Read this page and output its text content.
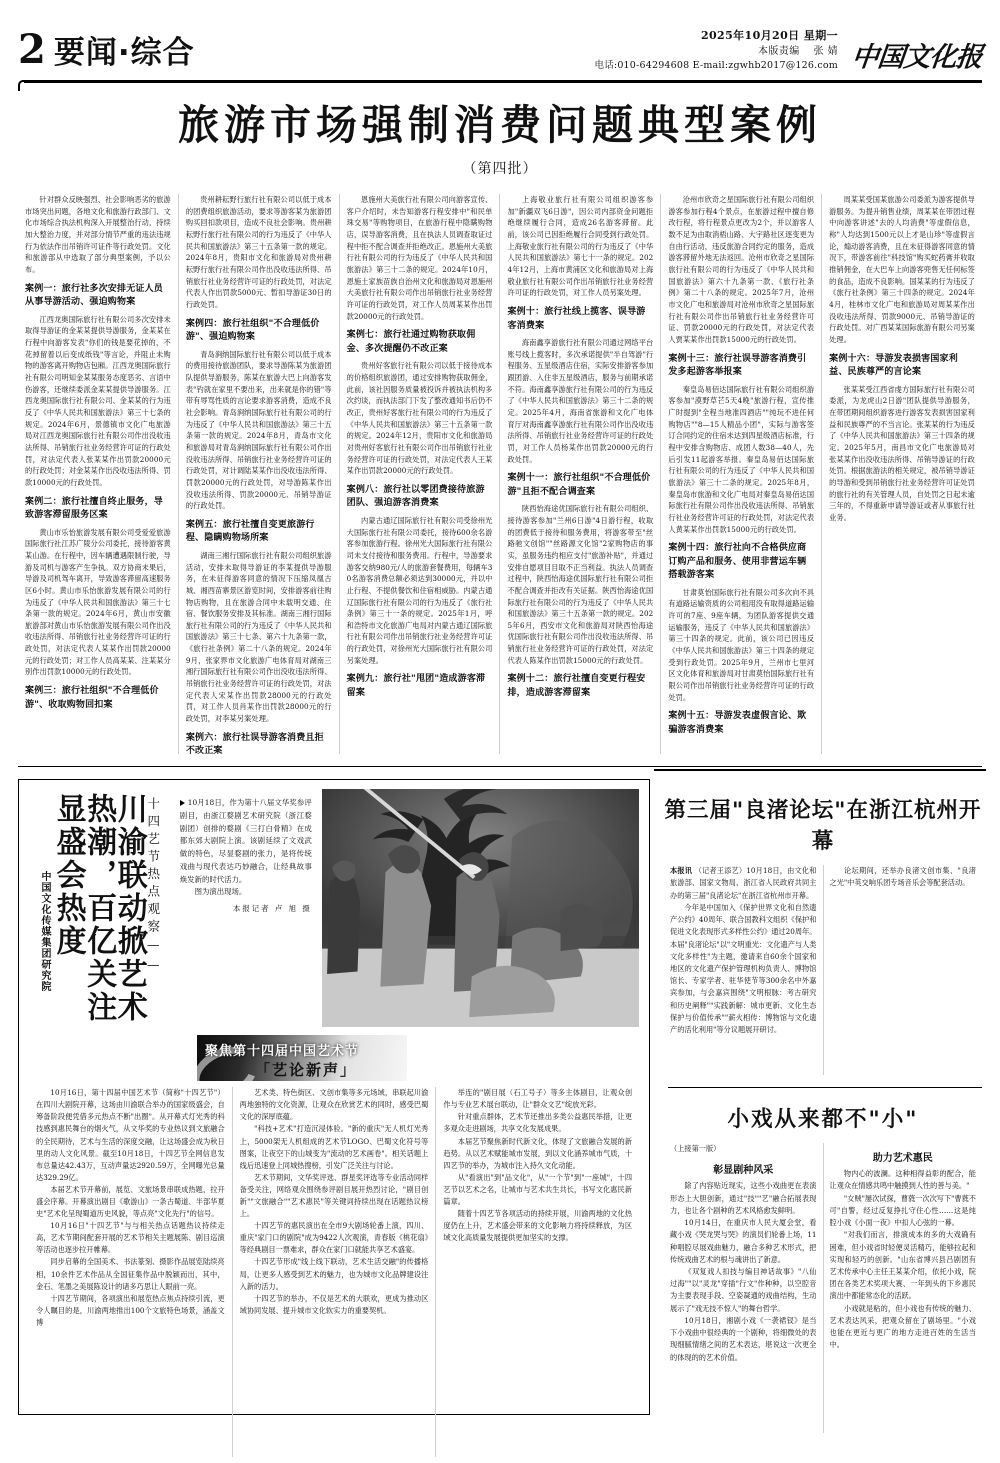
2 要闻·综合	2025年10月20日 星期一
本版责编 张 婧
电话:010-64294608 E-mail:zgwhb2017@126.com 中国文化报
旅游市场强制消费问题典型案例
（第四批）

针对群众反映强烈、社会影响恶劣的旅游市场突出问题，各地文化和旅游行政部门、文化市场综合执法机构深入开展整治行动，持续加大整治力度，并对部分情节严重的违法违规行为依法作出吊销许可证件等行政处罚。文化和旅游部从中选取了部分典型案例，予以公布。

案例一：旅行社多次安排无证人员从事导游活动、强迫购物案

江西龙奥国际旅行社有限公司多次安排未取得导游证的金某某提供导游服务，金某某在行程中向游客发表"你们的钱是要花掉的，不花掉留着以后变成纸钱"等言论，并阻止未购物的游客离开购物店包厢。江西龙奥国际旅行社有限公司明知金某某服务态度恶劣、言语中伤游客，还继续委派金某某提供导游服务。江西龙奥国际旅行社有限公司、金某某的行为违反了《中华人民共和国旅游法》第三十七条的规定。2024年6月，景德镇市文化广电旅游局对江西龙奥国际旅行社有限公司作出没收违法所得、吊销旅行社业务经营许可证的行政处罚，对法定代表人张某某作出罚款20000元的行政处罚；对金某某作出没收违法所得、罚款10000元的行政处罚。

案例二：旅行社擅自终止服务，导致游客滞留服务区案

黄山市乐怡旅游发展有限公司受爱爱旅游国际旅行社江苏广陵分公司委托，接待游客黄某山游。在行程中，因车辆遭遇限制行驶，导游及司机与游客产生争执。双方协商未果后，导游及司机驾车离开，导致游客滞留高速服务区6小时。黄山市乐怡旅游发展有限公司的行为违反了《中华人民共和国旅游法》第三十七条第一款的规定。2024年6月，黄山市安徽旅游部对黄山市乐怡旅游发展有限公司作出没收违法所得、吊销旅行社业务经营许可证的行政处罚，对法定代表人某某作出罚款20000元的行政处罚；对工作人员高某某、注某某分别作出罚款10000元的行政处罚。

案例三：旅行社组织"不合理低价游"、收取购物回扣案

贵州耕耘野行旅行社有限公司以低于成本的团费组织旅游活动，要求等游客某为旅游团购买回扣款项目，造成不良社会影响。贵州耕耘野行旅行社有限公司的行为违反了《中华人民共和国旅游法》第三十五条第一款的规定。2024年8月，贵阳市文化和旅游局对贵州耕耘野行旅行社有限公司作出没收违法所得、吊销旅行社业务经营许可证的行政处罚，对法定代表人作出罚款5000元、暂扣导游证30日的行政处罚。

案例四：旅行社组织"不合理低价游"、强迫购物案

青岛涧纳国际旅行社有限公司以低于成本的费用接待旅游团队，要求导游陈某为旅游团队提供导游服务，陈某在旅游大巴上向游客发表"钓就在家里不要出来，出来就是你的错"等带有辱骂性质的言论要求游客消费，造成不良社会影响。青岛涧纳国际旅行社有限公司的行为违反了《中华人民共和国旅游法》第三十五条第一款的规定。2024年8月，青岛市文化和旅游局对青岛涧纳国际旅行社有限公司作出没收违法所得、吊销旅行社业务经营许可证的行政处罚，对计调陆某某作出没收违法所得、罚款20000元的行政处罚，对导游陈某作出没收违法所得、罚款20000元、吊销导游证的行政处罚。

案例五：旅行社擅自变更旅游行程、隐瞒购物场所案

湖南三湘行国际旅行社有限公司组织旅游活动，安排未取得导游证的李某提供导游服务，在未征得游客同意的情况下压缩凤凰古城、湘西苗寨景区游览时间，安排游客前往购物店购物，且在旅游合同中未载明交通、住宿、餐饮服务安排及其标准。湖南三湘行国际旅行社有限公司的行为违反了《中华人民共和国旅游法》第三十七条、第六十九条第一款，《旅行社条例》第二十八条的规定。2024年9月，张家界市文化旅游广电体育局对湖南三湘行国际旅行社有限公司作出没收违法所得、吊销旅行社业务经营许可证的行政处罚，对法定代表人宋某作出罚款28000元的行政处罚，对工作人员肖某作出罚款28000元的行政处罚，对李某另案处理。

案例六：旅行社误导游客消费且拒不改正案

恩施州大美旅行社有限公司向游客宣传、客户介绍时，未告知游客行程安排中"和民单珠交易"等购物项目，在旅游行程中隐瞒购物店，误导游客消费，且在执法人员调查取证过程中拒不配合调查并拒绝改正。恩施州大美旅行社有限公司的行为违反了《中华人民共和国旅游法》第三十二条的规定。2024年10月，恩施土家族苗族自治州文化和旅游局对恩施州大美旅行社有限公司作出吊销旅行社业务经营许可证的行政处罚，对工作人员周某某作出罚款20000元的行政处罚。

案例七：旅行社通过购物获取佣金、多次提醒仍不改正案

贵州好客旅行社有限公司以低于接待成本的价格组织旅游团，通过安排购物获取佣金，此前，该社因服务质量被投诉并被执法机构多次约谈，而执法部门下发了整改通知书后仍不改正，贵州好客旅行社有限公司的行为违反了《中华人民共和国旅游法》第三十五条第一款的规定。2024年12月，贵阳市文化和旅游局对贵州好客旅行社有限公司作出吊销旅行社业务经营许可证的行政处罚，对法定代表人王某某作出罚款20000元的行政处罚。

案例八：旅行社以零团费接待旅游团队、强迫游客消费案

内蒙古通辽国际旅行社有限公司受徐州光大国际旅行社有限公司委托，接待600余名游客参加旅游行程。徐州光大国际旅行社有限公司未支付接待和服务费用。行程中，导游要求游客交纳980元/人的旅游套餐费用，每辆车30名游客消费总额必须达到30000元，并以中止行程、不提供餐饮和住宿相威胁。内蒙古通辽国际旅行社有限公司的行为违反了《旅行社条例》第三十一条的规定。2025年1月，呼和浩特市文化旅游广电局对内蒙古通辽国际旅行社有限公司作出吊销旅行社业务经营许可证的行政处罚，对徐州光大国际旅行社有限公司另案处理。

案例九：旅行社"甩团"造成游客滞留案

上海敬业旅行社有限公司组织游客参加"新疆双飞6日游"，因公司内部资金问题拒绝继续履行合同，造成26名游客滞留。此前，该公司已因拒绝履行合同受到行政处罚。上海敬业旅行社有限公司的行为违反了《中华人民共和国旅游法》第七十一条的规定。2024年12月，上海市黄浦区文化和旅游局对上海敬业旅行社有限公司作出吊销旅行社业务经营许可证的行政处罚，对工作人员另案处理。

案例十：旅行社线上揽客、误导游客消费案

海南鑫享游旅行社有限公司通过网络平台账号线上揽客时，多次承诺提供"半自驾游"行程服务、五星级酒店住宿，实际安排游客参加跟团游、入住非五星级酒店，服务与前期承诺不符。海南鑫享游旅行社有限公司的行为违反了《中华人民共和国旅游法》第三十二条的规定。2025年4月，海南省旅游和文化广电体育厅对海南鑫享游旅行社有限公司作出没收违法所得、吊销旅行社业务经营许可证的行政处罚，对工作人员杨某作出罚款20000元的行政处罚。

案例十一：旅行社组织"不合理低价游"且拒不配合调查案

陕西怡海途优国际旅行社有限公司组织、接待游客参加"兰州6日游"4日游行程，收取的团费低于接待和服务费用，将游客带至"丝路驰文创馆""丝路源文化馆"2家购物店的事实，虽服务违约相应支付"旅游补贴"，并通过安排自愿项目目取不正当利益。执法人员调查过程中，陕西怡海途优国际旅行社有限公司拒不配合调查并拒改有关证据。陕西怡海途优国际旅行社有限公司的行为违反了《中华人民共和国旅游法》第三十五条第一款的规定。2025年6月，西安市文化和旅游局对陕西怡海途优国际旅行社有限公司作出没收违法所得、吊销旅行社业务经营许可证的行政处罚，对法定代表人陈某作出罚款15000元的行政处罚。

案例十二：旅行社擅自变更行程安排，造成游客滞留案

沧州市欣奇之星国际旅行社有限公司组织游客参加行程4个景点，在旅游过程中擅自修改行程，将行程景点更改为2个，并以游客人数不足为由取消梧山路、大宇路社区逐变更为自由行活动，违反旅游合同约定的服务，造成游客滞留外地无法返回。沧州市欣奇之星国际旅行社有限公司的行为违反了《中华人民共和国旅游法》第六十九条第一款、《旅行社条例》第二十八条的规定。2025年7月，沧州市文化广电和旅游局对沧州市欣奇之星国际旅行社有限公司作出吊销旅行社业务经营许可证、罚款20000元的行政处罚，对法定代表人贾某某作出罚款15000元的行政处罚。

案例十三：旅行社误导游客消费引发多起游客举报案

秦皇岛易佰达国际旅行社有限公司组织游客参加"漠野草芒5天4晚"旅游行程，宣传推广时提到"全程当地准四酒店""纯玩不进任何购物店""8—15人精品小团"，实际与游客签订合同约定的住宿未达到四星级酒店标准，行程中安排含购物店、成团人数38—40人，先后引发11起游客举报。秦皇岛易佰达国际旅行社有限公司的行为违反了《中华人民共和国旅游法》第三十二条的规定。2025年8月，秦皇岛市旅游和文化广电局对秦皇岛易佰达国际旅行社有限公司作出没收违法所得、吊销旅行社业务经营许可证的行政处罚，对法定代表人黄某某作出罚款15000元的行政处罚。

案例十四：旅行社向不合格供应商订购产品和服务、使用非营运车辆搭载游客案

甘肃莫怡国际旅行社有限公司多次向不具有道路运输资质的公司租用没有取得道路运输许可的7座、9座车辆，为团队游客提供交通运输服务，违反了《中华人民共和国旅游法》第三十四条的规定。此前，该公司已因违反《中华人民共和国旅游法》第三十四条的规定受到行政处罚。2025年9月，兰州市七里河区文化体育和旅游局对甘肃莫怡国际旅行社有限公司作出吊销旅行社业务经营许可证的行政处罚。

案例十五：导游发表虚假言论、欺骗游客消费案

周某某受国某旅游公司委派为游客提供导游服务。为提升销售业绩，周某某在带团过程中向游客讲述"去的人均消费"等虚假信息，称"人均达到1500元以上才是山珍"等虚假言论，煽动游客消费，且在未征得游客同意的情况下，带游客前往"科技馆"购买蛇药膏并收取推销佣金，在大巴车上向游客兜售无任何标签的食品，造成不良影响。国某某的行为违反了《旅行社条例》第三十四条的规定。2024年4月，桂林市文化广电和旅游局对周某某作出没收违法所得、罚款9000元、吊销导游证的行政处罚。对广西某某国际旅游有限公司另案处理。

案例十六：导游发表损害国家利益、民族尊严的言论案

张某某受江西省虔方国际旅行社有限公司委派，为龙虎山2日游"团队提供导游服务，在带团期间组织游客进行游客发表损害国家利益和民族尊严的不当言论。张某某的行为违反了《中华人民共和国旅游法》第三十四条的规定。2025年5月，南昌市文化广电旅游局对张某某作出没收违法所得、吊销导游证的行政处罚。根据旅游法的相关规定，被吊销导游证的导游和受到吊销旅行社业务经营许可证处罚的旅行社的有关管理人员，自处罚之日起未逾三年的，不得重新申请导游证或者从事旅行社业务。

十四艺节热点观察——
川渝联动掀艺术热潮，百亿关注显盛会热度
中国文化传媒集团研究院

10月18日，作为第十八届文华奖参评剧目，由浙江婺剧艺术研究院（浙江婺剧团）创排的婺剧《三打白骨精》在成都东郊大剧院上演。该剧延续了文戏武做的特色，尽显婺剧的张力，是将传统戏曲与现代表达巧妙融合，让经典故事焕发新的时代活力。

图为演出现场。

本报记者 卢 旭 摄

聚焦第十四届中国艺术节
「艺论新声」

10月16日，第十四届中国艺术节（简称"十四艺节"）在四川大剧院开幕，这场由川渝联合举办的国家级盛会，自筹备阶段便凭借多元热点不断"出圈"。从开幕式灯光秀的科技感到惠民舞台的烟火气，从文华奖的专业热议到文旅融合的全民期待，艺术与生活的深度交融，让这场盛会成为秋日里的动人文化风景。截至10月18日，十四艺节全网信息发布总量达42.43万，互动声量达2920.59万，全网曝光总量达329.29亿。

本届艺术节开幕前，展览、文旅场景串联成热题，拉开盛会序幕。开幕演出剧目《歌游山》一条古蜀道、半部华夏史"艺术化呈现蜀道历史风貌，等点亮"文化先行"的信号。

10月16日"十四艺节"与与相关热点话题热议持续走高，艺术节期间配套开展的艺术节相关主题展陈、剧目巡演等活动也逐步拉开帷幕。

同步启幕的全国美术、书法篆刻、摄影作品展览陆续亮相，10余件艺术作品从全国征集作品中脱颖而出，其中，金石、笔墨之美展陈设计的诸多巧思让人眼前一亮。

十四艺节期间，各项演出和展览热点焦点持续引流，更令人瞩目的是，川渝两地推出100个文旅特色场景，涵盖文博

艺术类、特色街区、文创市集等多元场域，串联起川渝两地独特的文化资源，让观众在欣赏艺术的同时，感受巴蜀文化的深厚底蕴。

"科技+艺术"打造沉浸体验。"新的重庆"无人机灯光秀上，5000架无人机组成的艺术节LOGO、巴蜀文化符号等图案，让夜空下的山城变为"流动的艺术画卷"。相关话题上线后迅速登上同城热搜榜，引发广泛关注与讨论。

艺术节期间，文华奖评选、群星奖评选等专业活动同样备受关注，网络观众围绕参评剧目展开热烈讨论，"剧目创新""文旅融合""艺术惠民"等关键词持续出现在话题热议榜上。

十四艺节的惠民演出在全市9大剧场轮番上演，四川、重庆"家门口的剧院"成为9422人次观演，青春版《桃花扇》等经典剧目一票难求，群众在家门口就能共享艺术盛宴。

十四艺节形成"线上线下联动，艺术生活交融"的传播格局，让更多人感受到艺术的魅力，也为城市文化品牌建设注入新的活力。

十四艺节的举办，不仅是艺术的大联欢，更成为推动区域协同发展、提升城市文化软实力的重要契机。

举连的"剧目展（石工号子）等多主体剧目，让观众创作与专业艺术展台联动，让"群众文艺"绽放光彩。

针对重点群体，艺术节还推出多类公益惠民举措，让更多观众走进剧场，共享文化发展成果。

本届艺节聚焦新时代新文化，体现了文旅融合发展的新趋势。从以艺术赋能城市发展，到以文化涵养城市气质，十四艺节的举办，为城市注入持久文化动能。

从"看演出"到"品文化"，从"一个节"到"一座城"，十四艺节以艺术之名，让城市与艺术共生共长，书写文化惠民新篇章。

随着十四艺节各项活动的持续开展，川渝两地的文化热度仍在上升，艺术盛会带来的文化影响力将持续释放，为区域文化高质量发展提供更加坚实的支撑。

第三届"良渚论坛"在浙江杭州开幕

本报讯 （记者王添艺）10月18日，由文化和旅游部、国家文物局、浙江省人民政府共同主办的第三届"良渚论坛"在浙江省杭州市开幕。

今年是中国加入《保护世界文化和自然遗产公约》40周年、联合国教科文组织《保护和促进文化表现形式多样性公约》通过20周年。本届"良渚论坛"以"文明重光：文化遗产与人类文化多样性"为主题，邀请来自60余个国家和地区的文化遗产保护管理机构负责人、博物馆馆长、专家学者、驻华使节等300余名中外嘉宾参加，与会嘉宾围绕"文明根脉：考古研究和历史阐释""实践新解：城市更新、文化生态保护与价值传承""薪火相传：博物馆与文化遗产的活化利用"等分议题展开研讨。

论坛期间，还举办良渚文创市集、"良渚之光"中英交响乐团专场音乐会等配套活动。

小戏从来都不"小"

（上接第一版）

彰显剧种风采

除了内容贴近现实，这些小戏曲更在表演形态上大胆创新，通过"技""艺"融合拓展表现力，也让各个剧种的艺术风格愈发鲜明。

10月14日，在重庆市人民大厦会堂，看藏小戏《哭龙哭与哭》的演员们轮番上场，11种唱腔尽展戏曲魅力，融合多种艺术形式，把传统戏曲艺术的根与魂讲出了新意。

《双复戏人扣技与编目神话故事》"八仙过海""以"灵龙"穿插"行文"作种种，以空腔音为主要表现手段、空姿凝通的戏曲结构，生动展示了"戏无技不惊人"的舞台哲学。

10月18日，湘剧小戏《一袭裙钗》是当下小戏曲中很经典的一个剧种，将细微处的表现细腻情绪之间的艺术表达，堪说这一次更全的体现的的艺术价值。

助力艺术惠民

物内心的波澜。这种相得益彰的配合，能让观众在情感共鸣中触摸到人性的善与美。"

"女贼"屡次试探，曹蕤一次次写下"曹蕤不可"自警，经过反复挣扎守住心性……这是纯腔小戏《小面一夜》中扣人心弦的一幕。

"对我们而言，排演成本的多的大戏确有困难，但小戏省时轻便灵活精巧，能够拉起和实现和轻巧的创新。"山东省博兴县吕剧团有艺术传承中心主任王某某介绍，依托小戏，院团在各类艺术奖项大赛、一年到头的下乡惠民演出中都能常态化的活跃。

小戏就是粘的，但小戏也有传统的魅力、艺术表达风采，把观众留在了剧场里。"小戏也能在更近与更广的地方走进百姓的生活当中。
